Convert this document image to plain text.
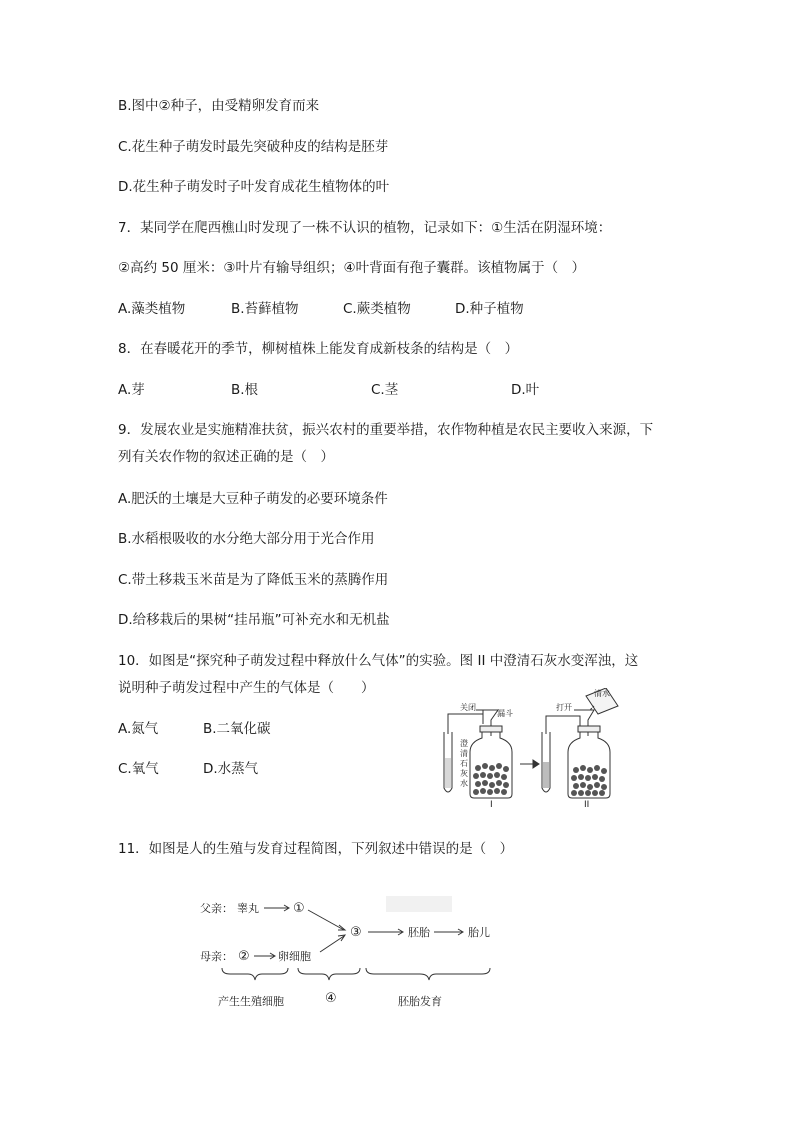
B.图中②种子，由受精卵发育而来
C.花生种子萌发时最先突破种皮的结构是胚芽
D.花生种子萌发时子叶发育成花生植物体的叶
7．某同学在爬西樵山时发现了一株不认识的植物，记录如下：①生活在阴湿环境：
②高约 50 厘米：③叶片有输导组织；④叶背面有孢子囊群。该植物属于（　）
A.藻类植物	B.苔藓植物	C.蕨类植物	D.种子植物
8．在春暖花开的季节，柳树植株上能发育成新枝条的结构是（　）
A.芽	B.根	C.茎	D.叶
9．发展农业是实施精准扶贫，振兴农村的重要举措，农作物种植是农民主要收入来源，下
列有关农作物的叙述正确的是（　）
A.肥沃的土壤是大豆种子萌发的必要环境条件
B.水稻根吸收的水分绝大部分用于光合作用
C.带土移栽玉米苗是为了降低玉米的蒸腾作用
D.给移栽后的果树“挂吊瓶”可补充水和无机盐
10．如图是“探究种子萌发过程中释放什么气体”的实验。图 II 中澄清石灰水变浑浊，这
说明种子萌发过程中产生的气体是（　　）
A.氮气	B.二氧化碳
C.氧气	D.水蒸气
关闭
漏斗
澄
清
石
灰
水
打开
清水
I	II
11．如图是人的生殖与发育过程简图，下列叙述中错误的是（　）
父亲： 睾丸	①
母亲： ②	卵细胞
③	胚胎	胎儿
④
产生生殖细胞	胚胎发育
